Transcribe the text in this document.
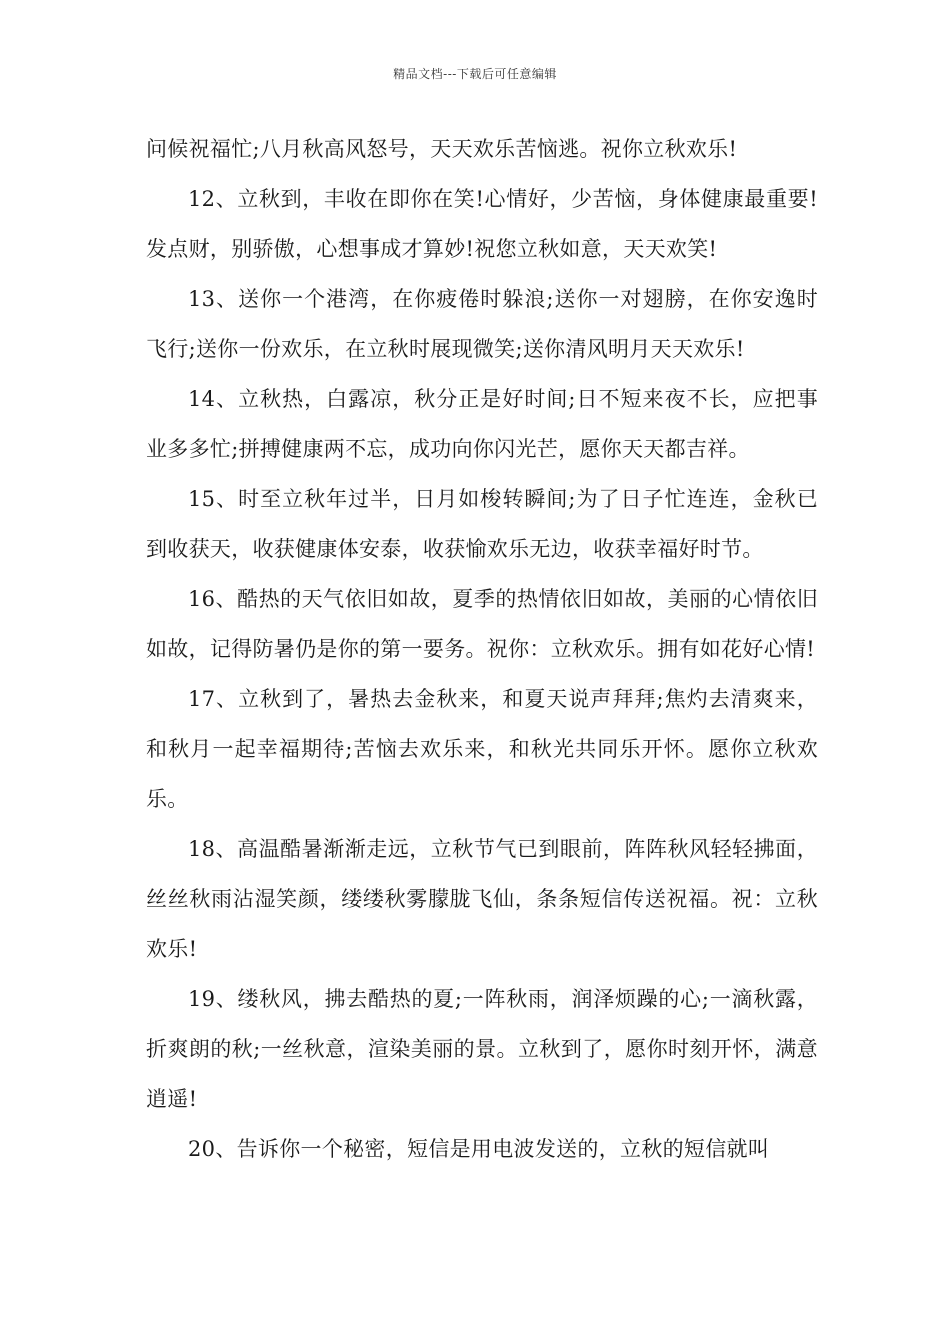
精品文档---下载后可任意编辑

问候祝福忙;八月秋高风怒号，天天欢乐苦恼逃。祝你立秋欢乐!

12、立秋到，丰收在即你在笑!心情好，少苦恼，身体健康最重要!发点财，别骄傲，心想事成才算妙!祝您立秋如意，天天欢笑!

13、送你一个港湾，在你疲倦时躲浪;送你一对翅膀，在你安逸时飞行;送你一份欢乐，在立秋时展现微笑;送你清风明月天天欢乐!

14、立秋热，白露凉，秋分正是好时间;日不短来夜不长，应把事业多多忙;拼搏健康两不忘，成功向你闪光芒，愿你天天都吉祥。

15、时至立秋年过半，日月如梭转瞬间;为了日子忙连连，金秋已到收获天，收获健康体安泰，收获愉欢乐无边，收获幸福好时节。

16、酷热的天气依旧如故，夏季的热情依旧如故，美丽的心情依旧如故，记得防暑仍是你的第一要务。祝你：立秋欢乐。拥有如花好心情!

17、立秋到了，暑热去金秋来，和夏天说声拜拜;焦灼去清爽来，和秋月一起幸福期待;苦恼去欢乐来，和秋光共同乐开怀。愿你立秋欢乐。

18、高温酷暑渐渐走远，立秋节气已到眼前，阵阵秋风轻轻拂面，丝丝秋雨沾湿笑颜，缕缕秋雾朦胧飞仙，条条短信传送祝福。祝：立秋欢乐!

19、缕秋风，拂去酷热的夏;一阵秋雨，润泽烦躁的心;一滴秋露，折爽朗的秋;一丝秋意，渲染美丽的景。立秋到了，愿你时刻开怀，满意逍遥!

20、告诉你一个秘密，短信是用电波发送的，立秋的短信就叫
